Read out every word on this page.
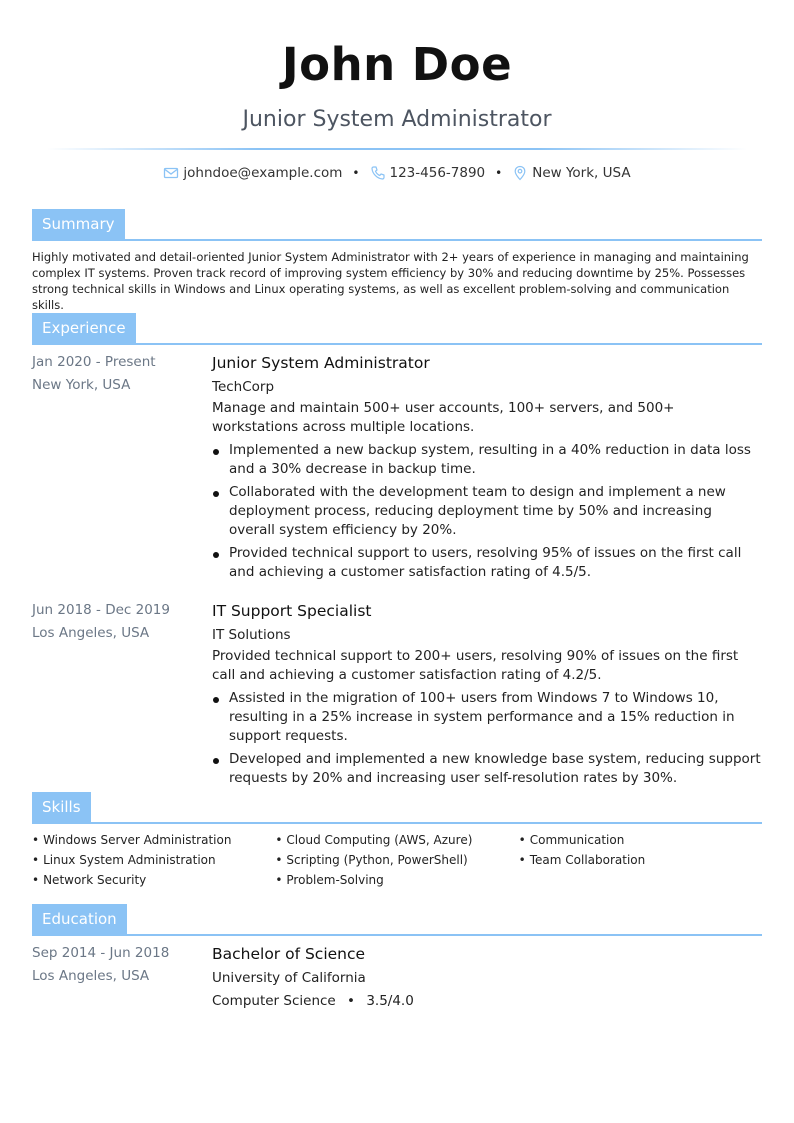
John Doe
Junior System Administrator
johndoe@example.com • 123-456-7890 • New York, USA
Summary
Highly motivated and detail-oriented Junior System Administrator with 2+ years of experience in managing and maintaining complex IT systems. Proven track record of improving system efficiency by 30% and reducing downtime by 25%. Possesses strong technical skills in Windows and Linux operating systems, as well as excellent problem-solving and communication skills.
Experience
Jan 2020 - Present
New York, USA
Junior System Administrator
TechCorp
Manage and maintain 500+ user accounts, 100+ servers, and 500+ workstations across multiple locations.
Implemented a new backup system, resulting in a 40% reduction in data loss and a 30% decrease in backup time.
Collaborated with the development team to design and implement a new deployment process, reducing deployment time by 50% and increasing overall system efficiency by 20%.
Provided technical support to users, resolving 95% of issues on the first call and achieving a customer satisfaction rating of 4.5/5.
Jun 2018 - Dec 2019
Los Angeles, USA
IT Support Specialist
IT Solutions
Provided technical support to 200+ users, resolving 90% of issues on the first call and achieving a customer satisfaction rating of 4.2/5.
Assisted in the migration of 100+ users from Windows 7 to Windows 10, resulting in a 25% increase in system performance and a 15% reduction in support requests.
Developed and implemented a new knowledge base system, reducing support requests by 20% and increasing user self-resolution rates by 30%.
Skills
• Windows Server Administration
• Linux System Administration
• Network Security
• Cloud Computing (AWS, Azure)
• Scripting (Python, PowerShell)
• Problem-Solving
• Communication
• Team Collaboration
Education
Sep 2014 - Jun 2018
Los Angeles, USA
Bachelor of Science
University of California
Computer Science • 3.5/4.0
